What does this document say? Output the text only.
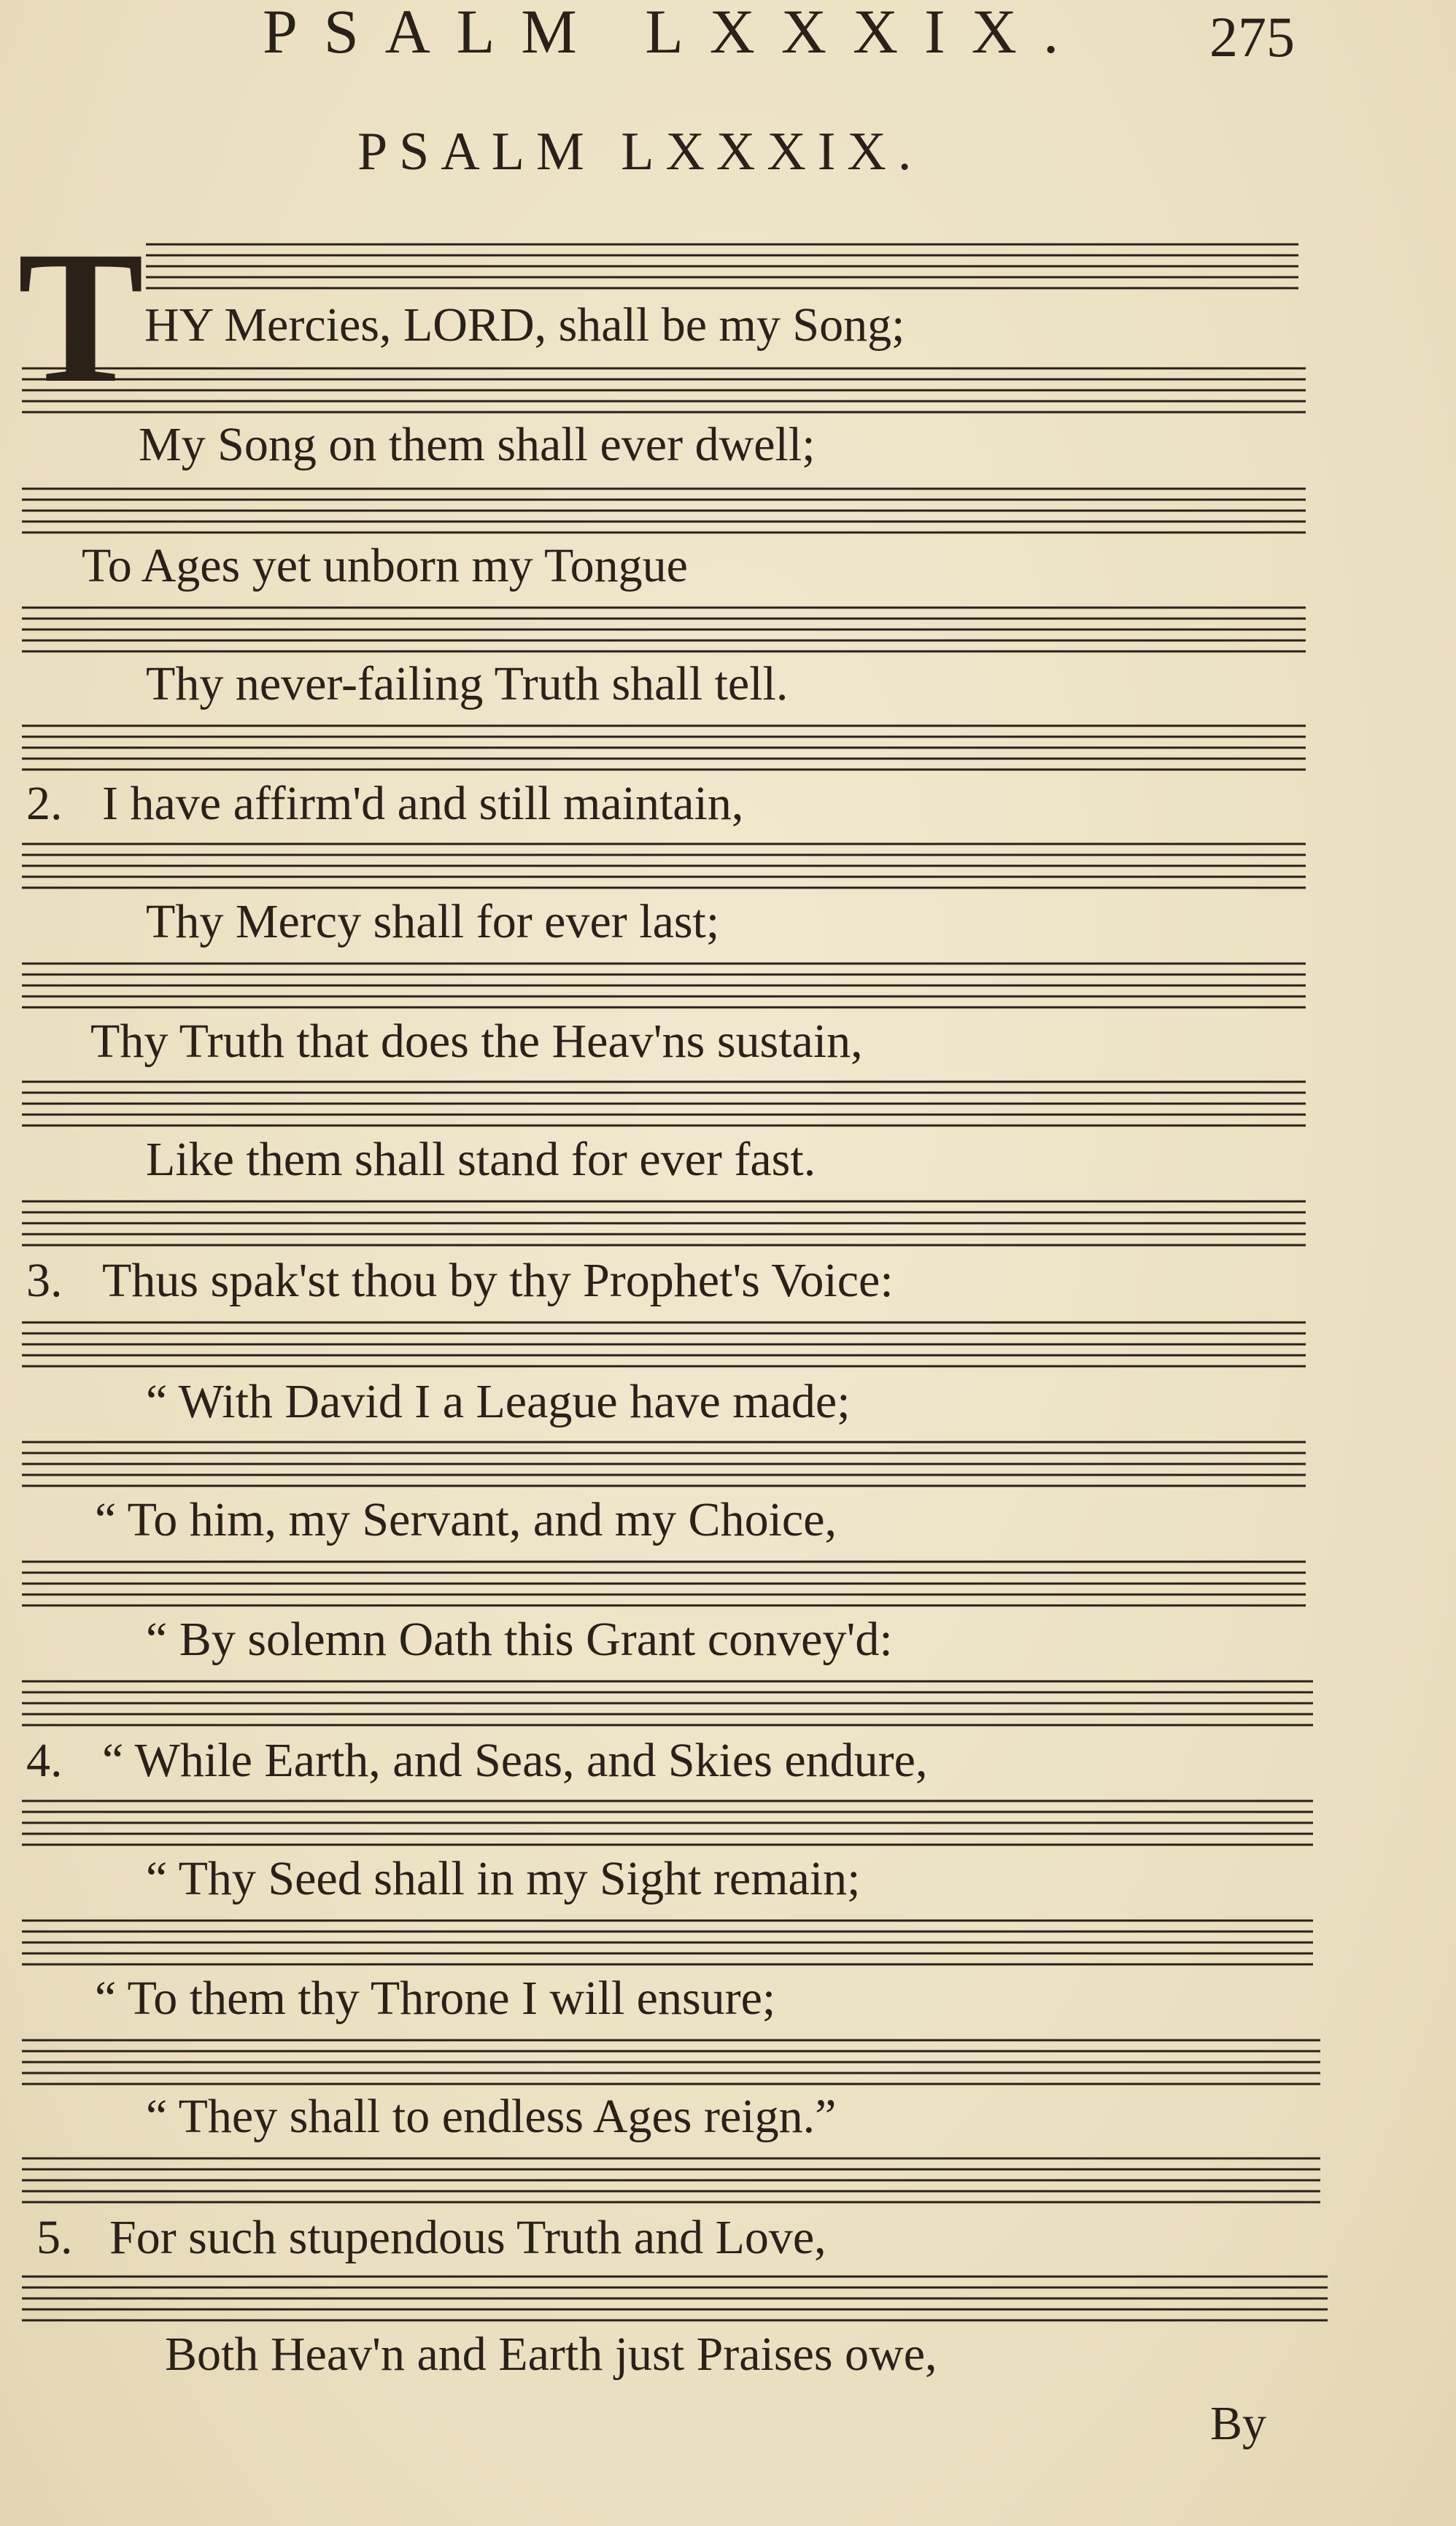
PSALM LXXXIX. 275
PSALM LXXXIX.
T HY Mercies, LORD, shall be my Song;
My Song on them shall ever dwell;
To Ages yet unborn my Tongue
Thy never-failing Truth shall tell.
2. I have affirm'd and still maintain,
Thy Mercy shall for ever last;
Thy Truth that does the Heav'ns sustain,
Like them shall stand for ever fast.
3. Thus spak'st thou by thy Prophet's Voice:
“ With David I a League have made;
“ To him, my Servant, and my Choice,
“ By solemn Oath this Grant convey'd:
4. “ While Earth, and Seas, and Skies endure,
“ Thy Seed shall in my Sight remain;
“ To them thy Throne I will ensure;
“ They shall to endless Ages reign.”
5. For such stupendous Truth and Love,
Both Heav'n and Earth just Praises owe,
By
